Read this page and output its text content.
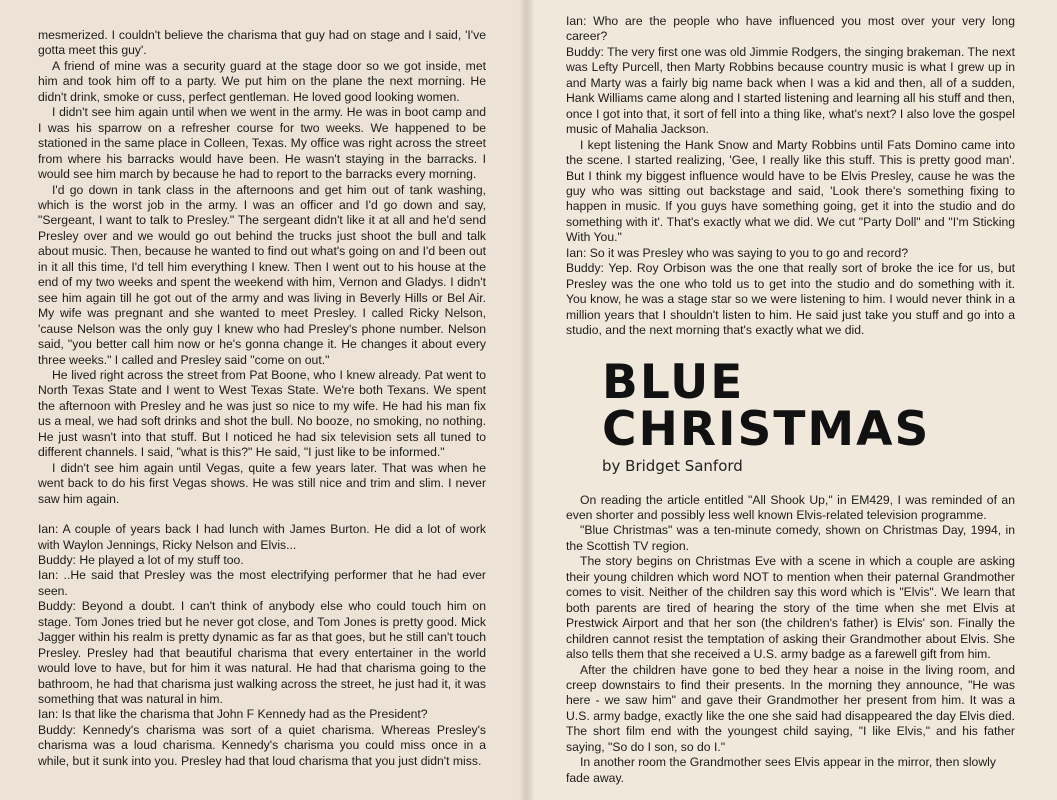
mesmerized. I couldn't believe the charisma that guy had on stage and I said, 'I've gotta meet this guy'.

A friend of mine was a security guard at the stage door so we got inside, met him and took him off to a party. We put him on the plane the next morning. He didn't drink, smoke or cuss, perfect gentleman. He loved good looking women.

I didn't see him again until when we went in the army. He was in boot camp and I was his sparrow on a refresher course for two weeks. We happened to be stationed in the same place in Colleen, Texas. My office was right across the street from where his barracks would have been. He wasn't staying in the barracks. I would see him march by because he had to report to the barracks every morning.

I'd go down in tank class in the afternoons and get him out of tank washing, which is the worst job in the army. I was an officer and I'd go down and say, "Sergeant, I want to talk to Presley." The sergeant didn't like it at all and he'd send Presley over and we would go out behind the trucks just shoot the bull and talk about music. Then, because he wanted to find out what's going on and I'd been out in it all this time, I'd tell him everything I knew. Then I went out to his house at the end of my two weeks and spent the weekend with him, Vernon and Gladys. I didn't see him again till he got out of the army and was living in Beverly Hills or Bel Air. My wife was pregnant and she wanted to meet Presley. I called Ricky Nelson, 'cause Nelson was the only guy I knew who had Presley's phone number. Nelson said, "you better call him now or he's gonna change it. He changes it about every three weeks." I called and Presley said "come on out."

He lived right across the street from Pat Boone, who I knew already. Pat went to North Texas State and I went to West Texas State. We're both Texans. We spent the afternoon with Presley and he was just so nice to my wife. He had his man fix us a meal, we had soft drinks and shot the bull. No booze, no smoking, no nothing. He just wasn't into that stuff. But I noticed he had six television sets all tuned to different channels. I said, "what is this?" He said, "I just like to be informed."

I didn't see him again until Vegas, quite a few years later. That was when he went back to do his first Vegas shows. He was still nice and trim and slim. I never saw him again.

Ian: A couple of years back I had lunch with James Burton. He did a lot of work with Waylon Jennings, Ricky Nelson and Elvis...

Buddy: He played a lot of my stuff too.

Ian: ..He said that Presley was the most electrifying performer that he had ever seen.

Buddy: Beyond a doubt. I can't think of anybody else who could touch him on stage. Tom Jones tried but he never got close, and Tom Jones is pretty good. Mick Jagger within his realm is pretty dynamic as far as that goes, but he still can't touch Presley. Presley had that beautiful charisma that every entertainer in the world would love to have, but for him it was natural. He had that charisma going to the bathroom, he had that charisma just walking across the street, he just had it, it was something that was natural in him.

Ian: Is that like the charisma that John F Kennedy had as the President?

Buddy: Kennedy's charisma was sort of a quiet charisma. Whereas Presley's charisma was a loud charisma. Kennedy's charisma you could miss once in a while, but it sunk into you. Presley had that loud charisma that you just didn't miss.

Ian: Who are the people who have influenced you most over your very long career?

Buddy: The very first one was old Jimmie Rodgers, the singing brakeman. The next was Lefty Purcell, then Marty Robbins because country music is what I grew up in and Marty was a fairly big name back when I was a kid and then, all of a sudden, Hank Williams came along and I started listening and learning all his stuff and then, once I got into that, it sort of fell into a thing like, what's next? I also love the gospel music of Mahalia Jackson.

I kept listening the Hank Snow and Marty Robbins until Fats Domino came into the scene. I started realizing, 'Gee, I really like this stuff. This is pretty good man'. But I think my biggest influence would have to be Elvis Presley, cause he was the guy who was sitting out backstage and said, 'Look there's something fixing to happen in music. If you guys have something going, get it into the studio and do something with it'. That's exactly what we did. We cut "Party Doll" and "I'm Sticking With You."

Ian: So it was Presley who was saying to you to go and record?

Buddy: Yep. Roy Orbison was the one that really sort of broke the ice for us, but Presley was the one who told us to get into the studio and do something with it. You know, he was a stage star so we were listening to him. I would never think in a million years that I shouldn't listen to him. He said just take you stuff and go into a studio, and the next morning that's exactly what we did.

BLUE
CHRISTMAS
by Bridget Sanford

On reading the article entitled "All Shook Up," in EM429, I was reminded of an even shorter and possibly less well known Elvis-related television programme.

"Blue Christmas" was a ten-minute comedy, shown on Christmas Day, 1994, in the Scottish TV region.

The story begins on Christmas Eve with a scene in which a couple are asking their young children which word NOT to mention when their paternal Grandmother comes to visit. Neither of the children say this word which is "Elvis". We learn that both parents are tired of hearing the story of the time when she met Elvis at Prestwick Airport and that her son (the children's father) is Elvis' son. Finally the children cannot resist the temptation of asking their Grandmother about Elvis. She also tells them that she received a U.S. army badge as a farewell gift from him.

After the children have gone to bed they hear a noise in the living room, and creep downstairs to find their presents. In the morning they announce, "He was here - we saw him" and gave their Grandmother her present from him. It was a U.S. army badge, exactly like the one she said had disappeared the day Elvis died. The short film end with the youngest child saying, "I like Elvis," and his father saying, "So do I son, so do I."

In another room the Grandmother sees Elvis appear in the mirror, then slowly fade away.
